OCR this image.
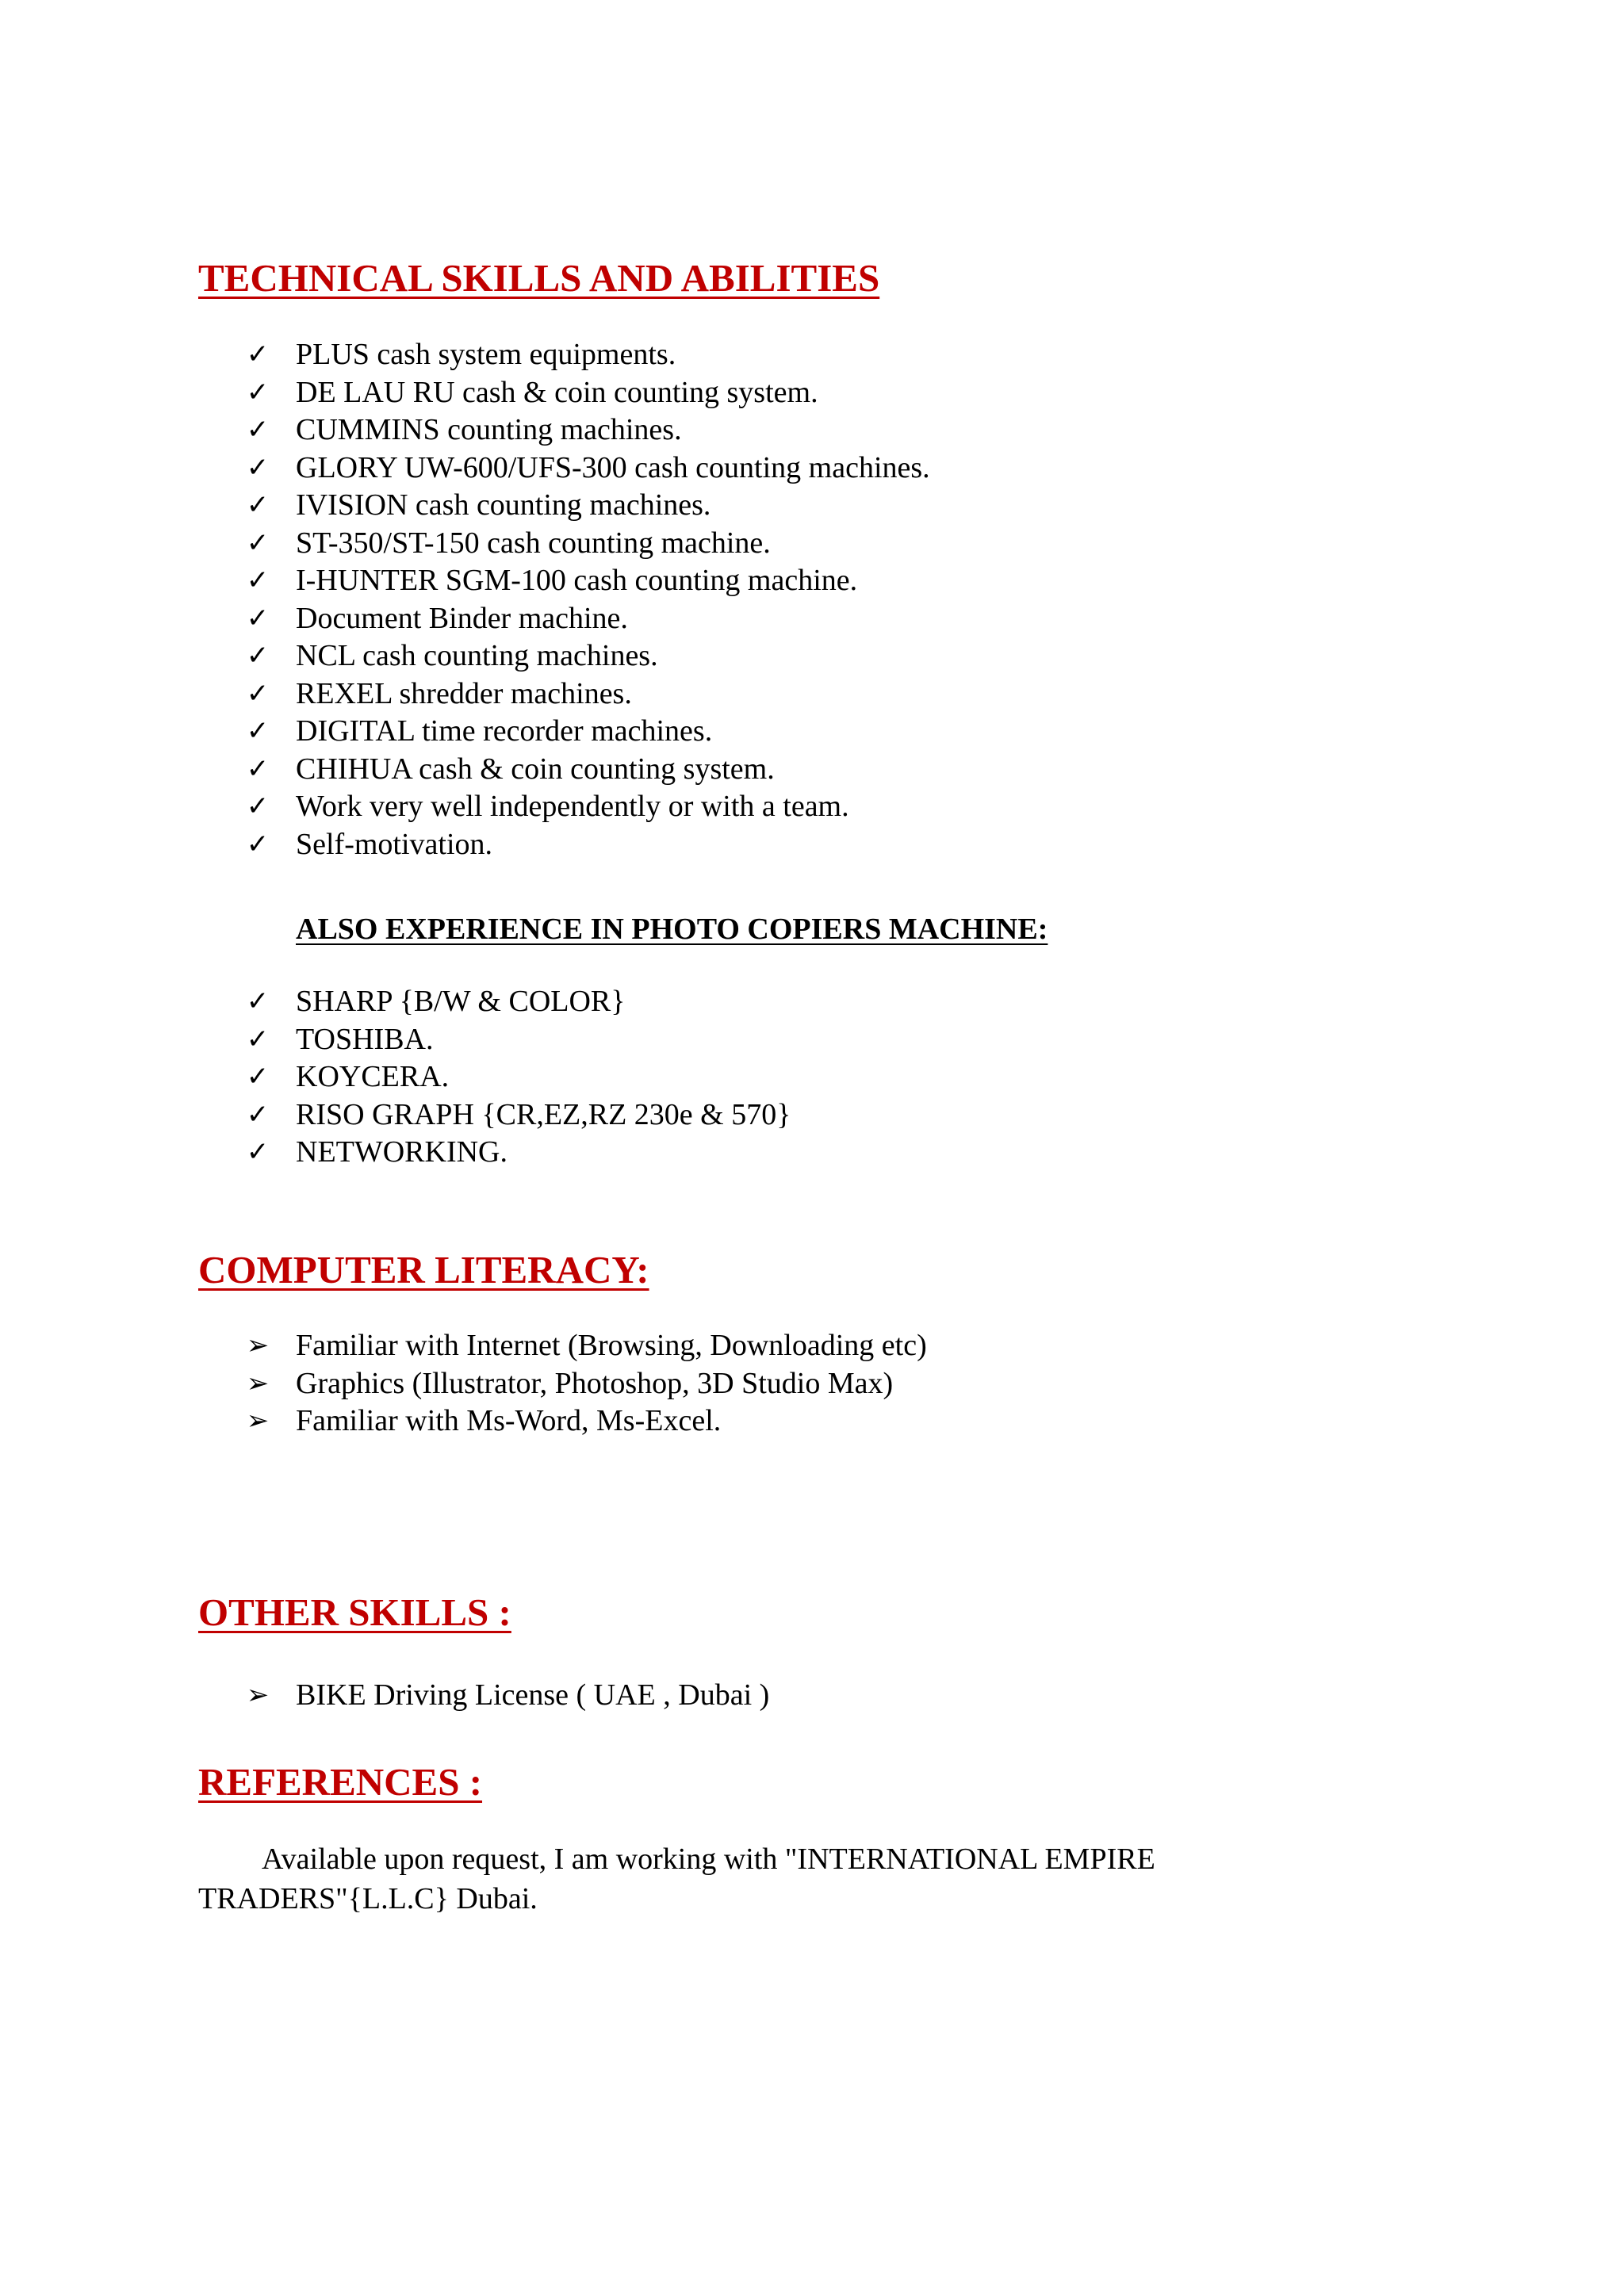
TECHNICAL SKILLS AND ABILITIES
✓ PLUS cash system equipments.
✓ DE LAU RU cash & coin counting system.
✓ CUMMINS counting machines.
✓ GLORY UW-600/UFS-300 cash counting machines.
✓ IVISION cash counting machines.
✓ ST-350/ST-150 cash counting machine.
✓ I-HUNTER SGM-100 cash counting machine.
✓ Document Binder machine.
✓ NCL cash counting machines.
✓ REXEL shredder machines.
✓ DIGITAL time recorder machines.
✓ CHIHUA cash & coin counting system.
✓ Work very well independently or with a team.
✓ Self-motivation.
ALSO EXPERIENCE IN PHOTO COPIERS MACHINE:
✓ SHARP {B/W & COLOR}
✓ TOSHIBA.
✓ KOYCERA.
✓ RISO GRAPH {CR,EZ,RZ 230e & 570}
✓ NETWORKING.
COMPUTER LITERACY:
➢ Familiar with Internet (Browsing, Downloading etc)
➢ Graphics (Illustrator, Photoshop, 3D Studio Max)
➢ Familiar with Ms-Word, Ms-Excel.
OTHER SKILLS :
➢ BIKE Driving License ( UAE , Dubai )
REFERENCES :
Available upon request, I am working with "INTERNATIONAL EMPIRE
TRADERS"{L.L.C} Dubai.
